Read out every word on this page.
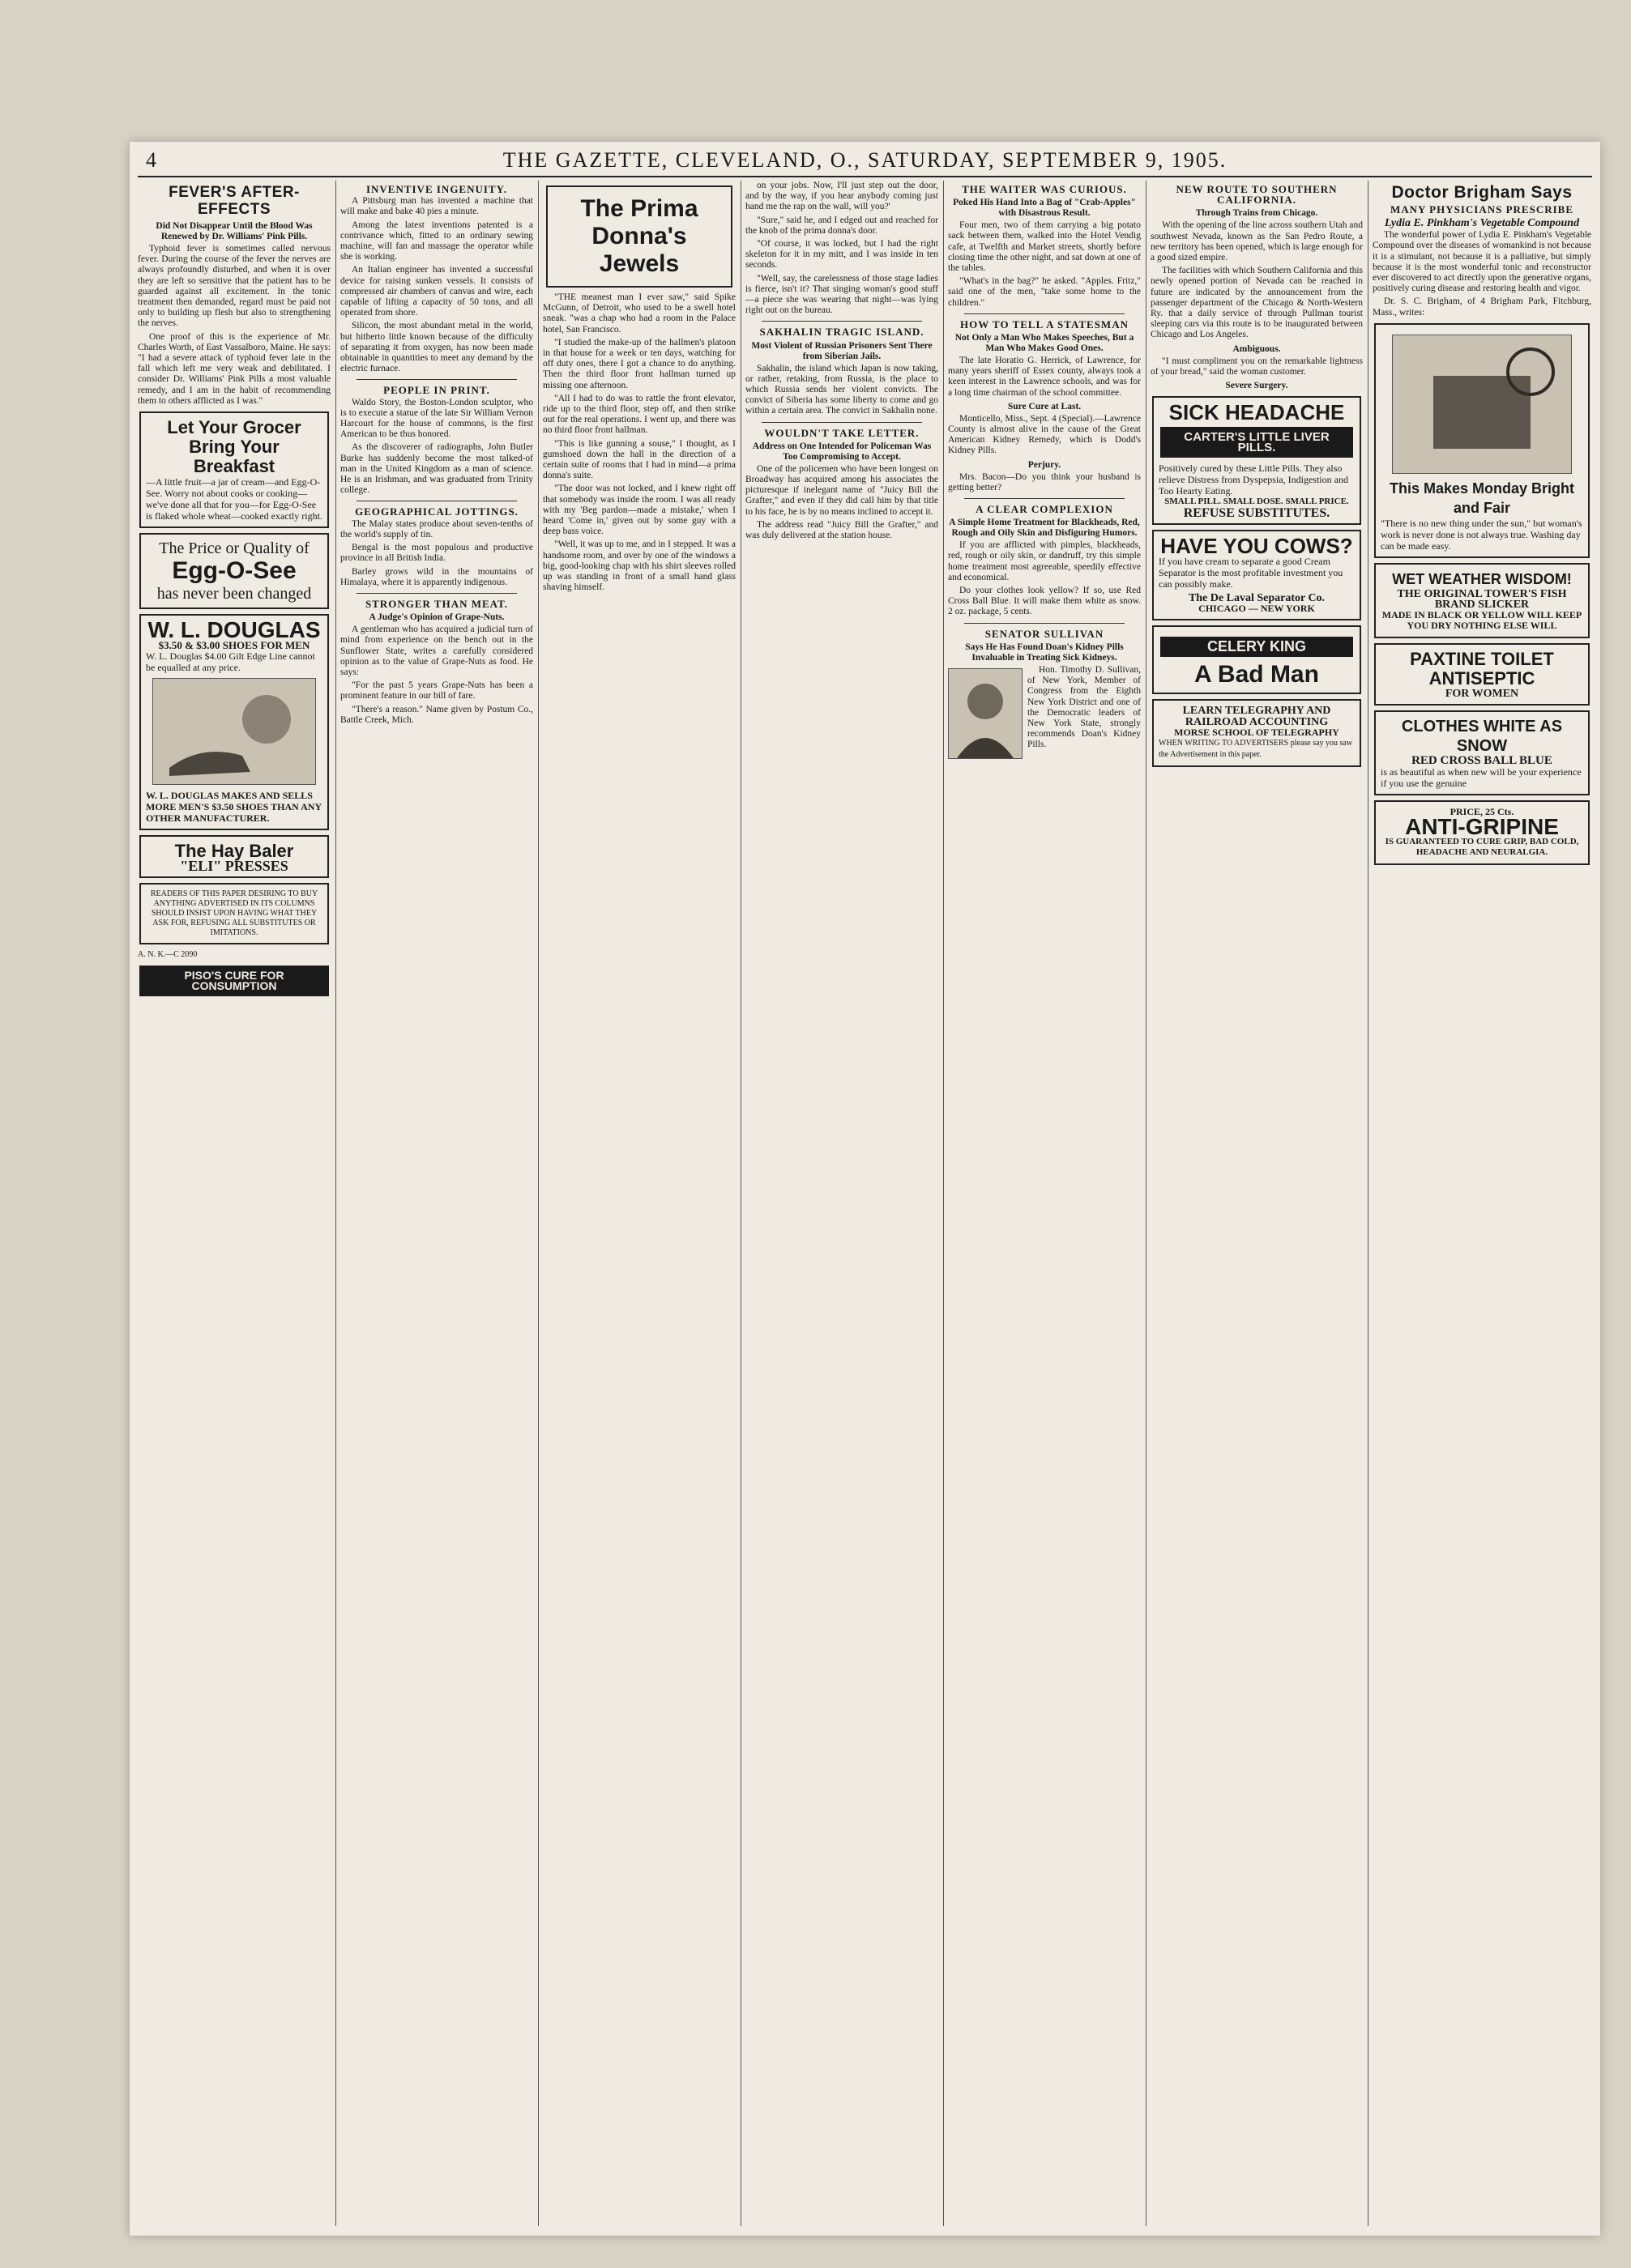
4	THE GAZETTE, CLEVELAND, O., SATURDAY, SEPTEMBER 9, 1905.
FEVER'S AFTER-EFFECTS
Did Not Disappear Until the Blood Was Renewed by Dr. Williams' Pink Pills.

Typhoid fever is sometimes called nervous fever. During the course of the fever the nerves are always profoundly disturbed, and when it is over they are left so sensitive that the patient has to be guarded against all excitement. In the tonic treatment then demanded, regard must be paid not only to building up flesh but also to strengthening the nerves.

One proof of this is the experience of Mr. Charles Worth, of East Vassalboro, Maine. He says: "I had a severe attack of typhoid fever late in the fall which left me very weak and debilitated. I consider Dr. Williams' Pink Pills a most valuable remedy, and I am in the habit of recommending them to others afflicted as I was."

Let Your Grocer Bring Your Breakfast
—A little fruit—a jar of cream—and Egg-O-See. Worry not about cooks or cooking—we've done all that for you—for Egg-O-See is flaked whole wheat—cooked exactly right.
The Price or Quality of
Egg-O-See
has never been changed
W. L. DOUGLAS
$3.50 & $3.00 SHOES FOR MEN
W. L. Douglas $4.00 Gilt Edge Line cannot be equalled at any price.
W. L. DOUGLAS MAKES AND SELLS MORE MEN'S $3.50 SHOES THAN ANY OTHER MANUFACTURER.
The Hay Baler
"ELI" PRESSES
READERS OF THIS PAPER DESIRING TO BUY ANYTHING ADVERTISED IN ITS COLUMNS SHOULD INSIST UPON HAVING WHAT THEY ASK FOR, REFUSING ALL SUBSTITUTES OR IMITATIONS.
A. N. K.—C 2090
PISO'S CURE FOR CONSUMPTION
INVENTIVE INGENUITY.

A Pittsburg man has invented a machine that will make and bake 40 pies a minute.

Among the latest inventions patented is a contrivance which, fitted to an ordinary sewing machine, will fan and massage the operator while she is working.

An Italian engineer has invented a successful device for raising sunken vessels. It consists of compressed air chambers of canvas and wire, each capable of lifting a capacity of 50 tons, and all operated from shore.

Silicon, the most abundant metal in the world, but hitherto little known because of the difficulty of separating it from oxygen, has now been made obtainable in quantities to meet any demand by the electric furnace.

PEOPLE IN PRINT.

Waldo Story, the Boston-London sculptor, who is to execute a statue of the late Sir William Vernon Harcourt for the house of commons, is the first American to be thus honored.

As the discoverer of radiographs, John Butler Burke has suddenly become the most talked-of man in the United Kingdom as a man of science. He is an Irishman, and was graduated from Trinity college.

GEOGRAPHICAL JOTTINGS.

The Malay states produce about seven-tenths of the world's supply of tin.

Bengal is the most populous and productive province in all British India.

Barley grows wild in the mountains of Himalaya, where it is apparently indigenous.

STRONGER THAN MEAT.
A Judge's Opinion of Grape-Nuts.

A gentleman who has acquired a judicial turn of mind from experience on the bench out in the Sunflower State, writes a carefully considered opinion as to the value of Grape-Nuts as food. He says:

"For the past 5 years Grape-Nuts has been a prominent feature in our bill of fare.

"There's a reason." Name given by Postum Co., Battle Creek, Mich.

The Prima Donna's Jewels

"THE meanest man I ever saw," said Spike McGunn, of Detroit, who used to be a swell hotel sneak. "was a chap who had a room in the Palace hotel, San Francisco.

"I studied the make-up of the hallmen's platoon in that house for a week or ten days, watching for off duty ones, there I got a chance to do anything. Then the third floor front hallman turned up missing one afternoon.

"All I had to do was to rattle the front elevator, ride up to the third floor, step off, and then strike out for the real operations. I went up, and there was no third floor front hallman.

"This is like gunning a souse," I thought, as I gumshoed down the hall in the direction of a certain suite of rooms that I had in mind—a prima donna's suite.

"The door was not locked, and I knew right off that somebody was inside the room. I was all ready with my 'Beg pardon—made a mistake,' when I heard 'Come in,' given out by some guy with a deep bass voice.

"Well, it was up to me, and in I stepped. It was a handsome room, and over by one of the windows a big, good-looking chap with his shirt sleeves rolled up was standing in front of a small hand glass shaving himself.

on your jobs. Now, I'll just step out the door, and by the way, if you hear anybody coming just hand me the rap on the wall, will you?'

"Sure," said he, and I edged out and reached for the knob of the prima donna's door.

"Of course, it was locked, but I had the right skeleton for it in my mitt, and I was inside in ten seconds.

"Well, say, the carelessness of those stage ladies is fierce, isn't it? That singing woman's good stuff—a piece she was wearing that night—was lying right out on the bureau.

SAKHALIN TRAGIC ISLAND.
Most Violent of Russian Prisoners Sent There from Siberian Jails.

Sakhalin, the island which Japan is now taking, or rather, retaking, from Russia, is the place to which Russia sends her violent convicts. The convict of Siberia has some liberty to come and go within a certain area. The convict in Sakhalin none.

WOULDN'T TAKE LETTER.
Address on One Intended for Policeman Was Too Compromising to Accept.

One of the policemen who have been longest on Broadway has acquired among his associates the picturesque if inelegant name of "Juicy Bill the Grafter," and even if they did call him by that title to his face, he is by no means inclined to accept it.

The address read "Juicy Bill the Grafter," and was duly delivered at the station house.

THE WAITER WAS CURIOUS.
Poked His Hand Into a Bag of "Crab-Apples" with Disastrous Result.

Four men, two of them carrying a big potato sack between them, walked into the Hotel Vendig cafe, at Twelfth and Market streets, shortly before closing time the other night, and sat down at one of the tables.

"What's in the bag?" he asked. "Apples. Fritz," said one of the men, "take some home to the children."

HOW TO TELL A STATESMAN
Not Only a Man Who Makes Speeches, But a Man Who Makes Good Ones.

The late Horatio G. Herrick, of Lawrence, for many years sheriff of Essex county, always took a keen interest in the Lawrence schools, and was for a long time chairman of the school committee.

Sure Cure at Last.

Monticello, Miss., Sept. 4 (Special).—Lawrence County is almost alive in the cause of the Great American Kidney Remedy, which is Dodd's Kidney Pills.

Perjury.

Mrs. Bacon—Do you think your husband is getting better?

A CLEAR COMPLEXION
A Simple Home Treatment for Blackheads, Red, Rough and Oily Skin and Disfiguring Humors.

If you are afflicted with pimples, blackheads, red, rough or oily skin, or dandruff, try this simple home treatment most agreeable, speedily effective and economical.

Do your clothes look yellow? If so, use Red Cross Ball Blue. It will make them white as snow. 2 oz. package, 5 cents.

SENATOR SULLIVAN
Says He Has Found Doan's Kidney Pills Invaluable in Treating Sick Kidneys.

Hon. Timothy D. Sullivan, of New York, Member of Congress from the Eighth New York District and one of the Democratic leaders of New York State, strongly recommends Doan's Kidney Pills.

NEW ROUTE TO SOUTHERN CALIFORNIA.
Through Trains from Chicago.

With the opening of the line across southern Utah and southwest Nevada, known as the San Pedro Route, a new territory has been opened, which is large enough for a good sized empire.

The facilities with which Southern California and this newly opened portion of Nevada can be reached in future are indicated by the announcement from the passenger department of the Chicago & North-Western Ry. that a daily service of through Pullman tourist sleeping cars via this route is to be inaugurated between Chicago and Los Angeles.

Ambiguous.

"I must compliment you on the remarkable lightness of your bread," said the woman customer.

Severe Surgery.
SICK HEADACHE
CARTER'S LITTLE LIVER PILLS.
Positively cured by these Little Pills. They also relieve Distress from Dyspepsia, Indigestion and Too Hearty Eating.
SMALL PILL. SMALL DOSE. SMALL PRICE.
REFUSE SUBSTITUTES.
HAVE YOU COWS?
If you have cream to separate a good Cream Separator is the most profitable investment you can possibly make.
The De Laval Separator Co.
CHICAGO — NEW YORK
CELERY KING
A Bad Man
LEARN TELEGRAPHY AND RAILROAD ACCOUNTING
MORSE SCHOOL OF TELEGRAPHY
WHEN WRITING TO ADVERTISERS please say you saw the Advertisement in this paper.
Doctor Brigham Says
MANY PHYSICIANS PRESCRIBE
Lydia E. Pinkham's Vegetable Compound

The wonderful power of Lydia E. Pinkham's Vegetable Compound over the diseases of womankind is not because it is a stimulant, not because it is a palliative, but simply because it is the most wonderful tonic and reconstructor ever discovered to act directly upon the generative organs, positively curing disease and restoring health and vigor.

Dr. S. C. Brigham, of 4 Brigham Park, Fitchburg, Mass., writes:

This Makes Monday Bright and Fair
"There is no new thing under the sun," but woman's work is never done is not always true. Washing day can be made easy.
WET WEATHER WISDOM!
THE ORIGINAL TOWER'S FISH BRAND SLICKER
MADE IN BLACK OR YELLOW WILL KEEP YOU DRY NOTHING ELSE WILL
PAXTINE TOILET ANTISEPTIC
FOR WOMEN
CLOTHES WHITE AS SNOW
RED CROSS BALL BLUE
is as beautiful as when new will be your experience if you use the genuine
PRICE, 25 Cts.
ANTI-GRIPINE
IS GUARANTEED TO CURE GRIP, BAD COLD, HEADACHE AND NEURALGIA.
